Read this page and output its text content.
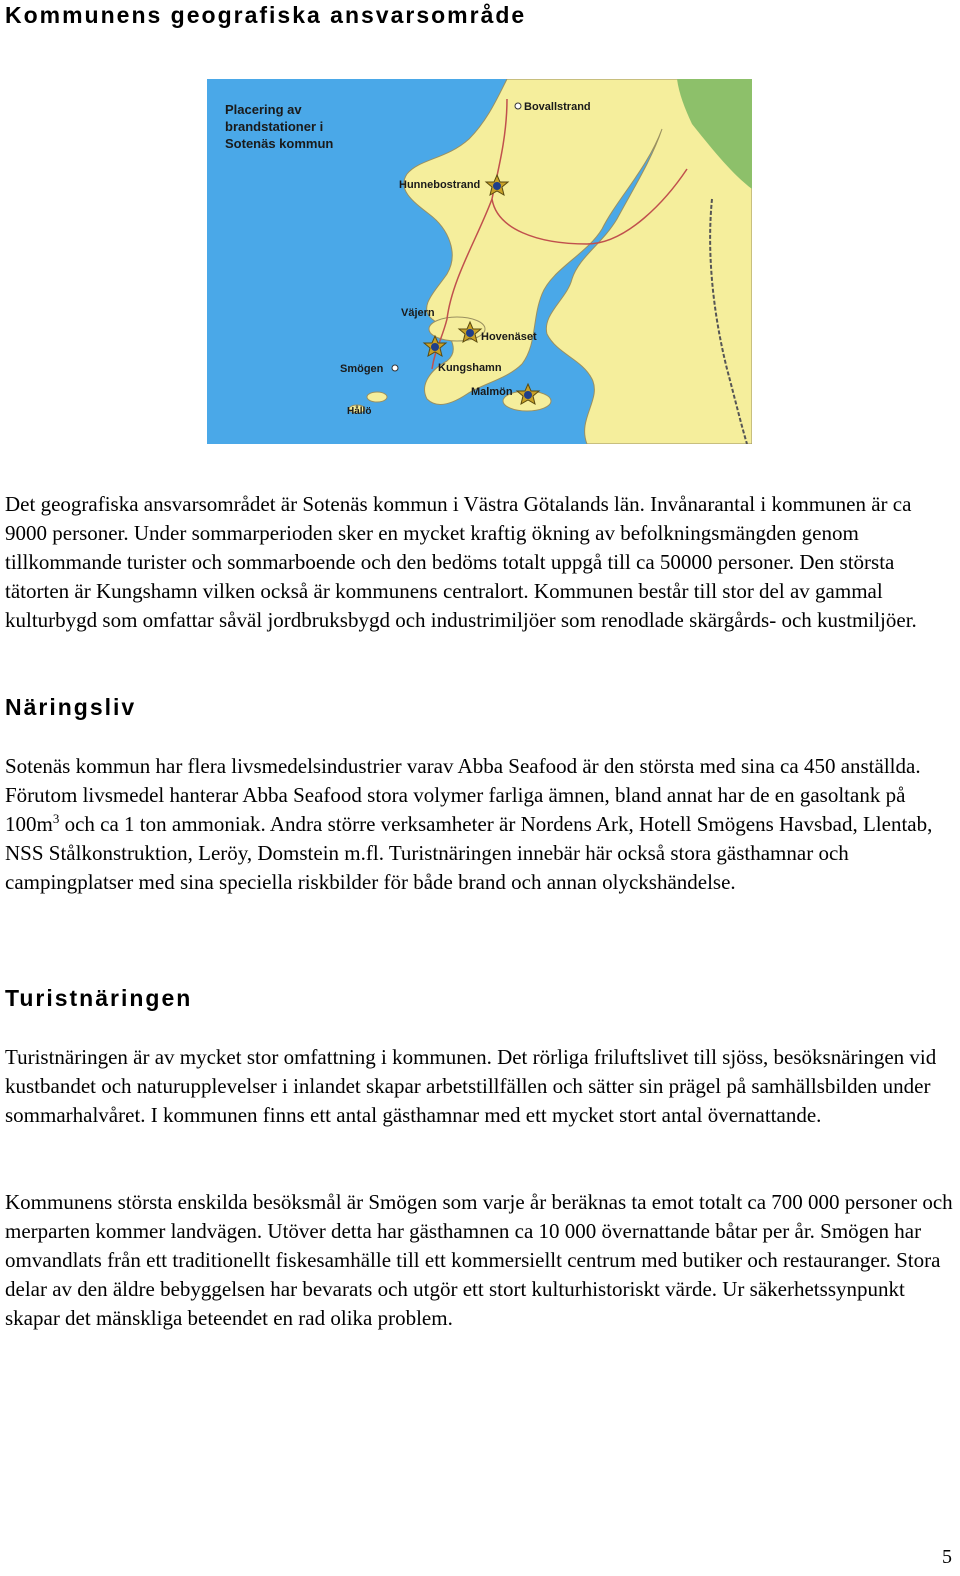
Kommunens geografiska ansvarsområde
Placering av
brandstationer i
Sotenäs kommun
Bovallstrand
Hunnebostrand
Väjern
Hovenäset
Smögen	Kungshamn
Malmön
Hållö

Det geografiska ansvarsområdet är Sotenäs kommun i Västra Götalands län. Invånarantal i kommunen är ca 9000 personer. Under sommarperioden sker en mycket kraftig ökning av befolkningsmängden genom tillkommande turister och sommarboende och den bedöms totalt uppgå till ca 50000 personer. Den största tätorten är Kungshamn vilken också är kommunens centralort. Kommunen består till stor del av gammal kulturbygd som omfattar såväl jordbruksbygd och industrimiljöer som renodlade skärgårds- och kustmiljöer.

Näringsliv

Sotenäs kommun har flera livsmedelsindustrier varav Abba Seafood är den största med sina ca 450 anställda. Förutom livsmedel hanterar Abba Seafood stora volymer farliga ämnen, bland annat har de en gasoltank på $100m^3$ och ca 1 ton ammoniak. Andra större verksamheter är Nordens Ark, Hotell Smögens Havsbad, Llentab, NSS Stålkonstruktion, Leröy, Domstein m.fl. Turistnäringen innebär här också stora gästhamnar och campingplatser med sina speciella riskbilder för både brand och annan olyckshändelse.

Turistnäringen

Turistnäringen är av mycket stor omfattning i kommunen. Det rörliga friluftslivet till sjöss, besöksnäringen vid kustbandet och naturupplevelser i inlandet skapar arbetstillfällen och sätter sin prägel på samhällsbilden under sommarhalvåret. I kommunen finns ett antal gästhamnar med ett mycket stort antal övernattande.

Kommunens största enskilda besöksmål är Smögen som varje år beräknas ta emot totalt ca 700 000 personer och merparten kommer landvägen. Utöver detta har gästhamnen ca 10 000 övernattande båtar per år. Smögen har omvandlats från ett traditionellt fiskesamhälle till ett kommersiellt centrum med butiker och restauranger. Stora delar av den äldre bebyggelsen har bevarats och utgör ett stort kulturhistoriskt värde. Ur säkerhetssynpunkt skapar det mänskliga beteendet en rad olika problem.

5
